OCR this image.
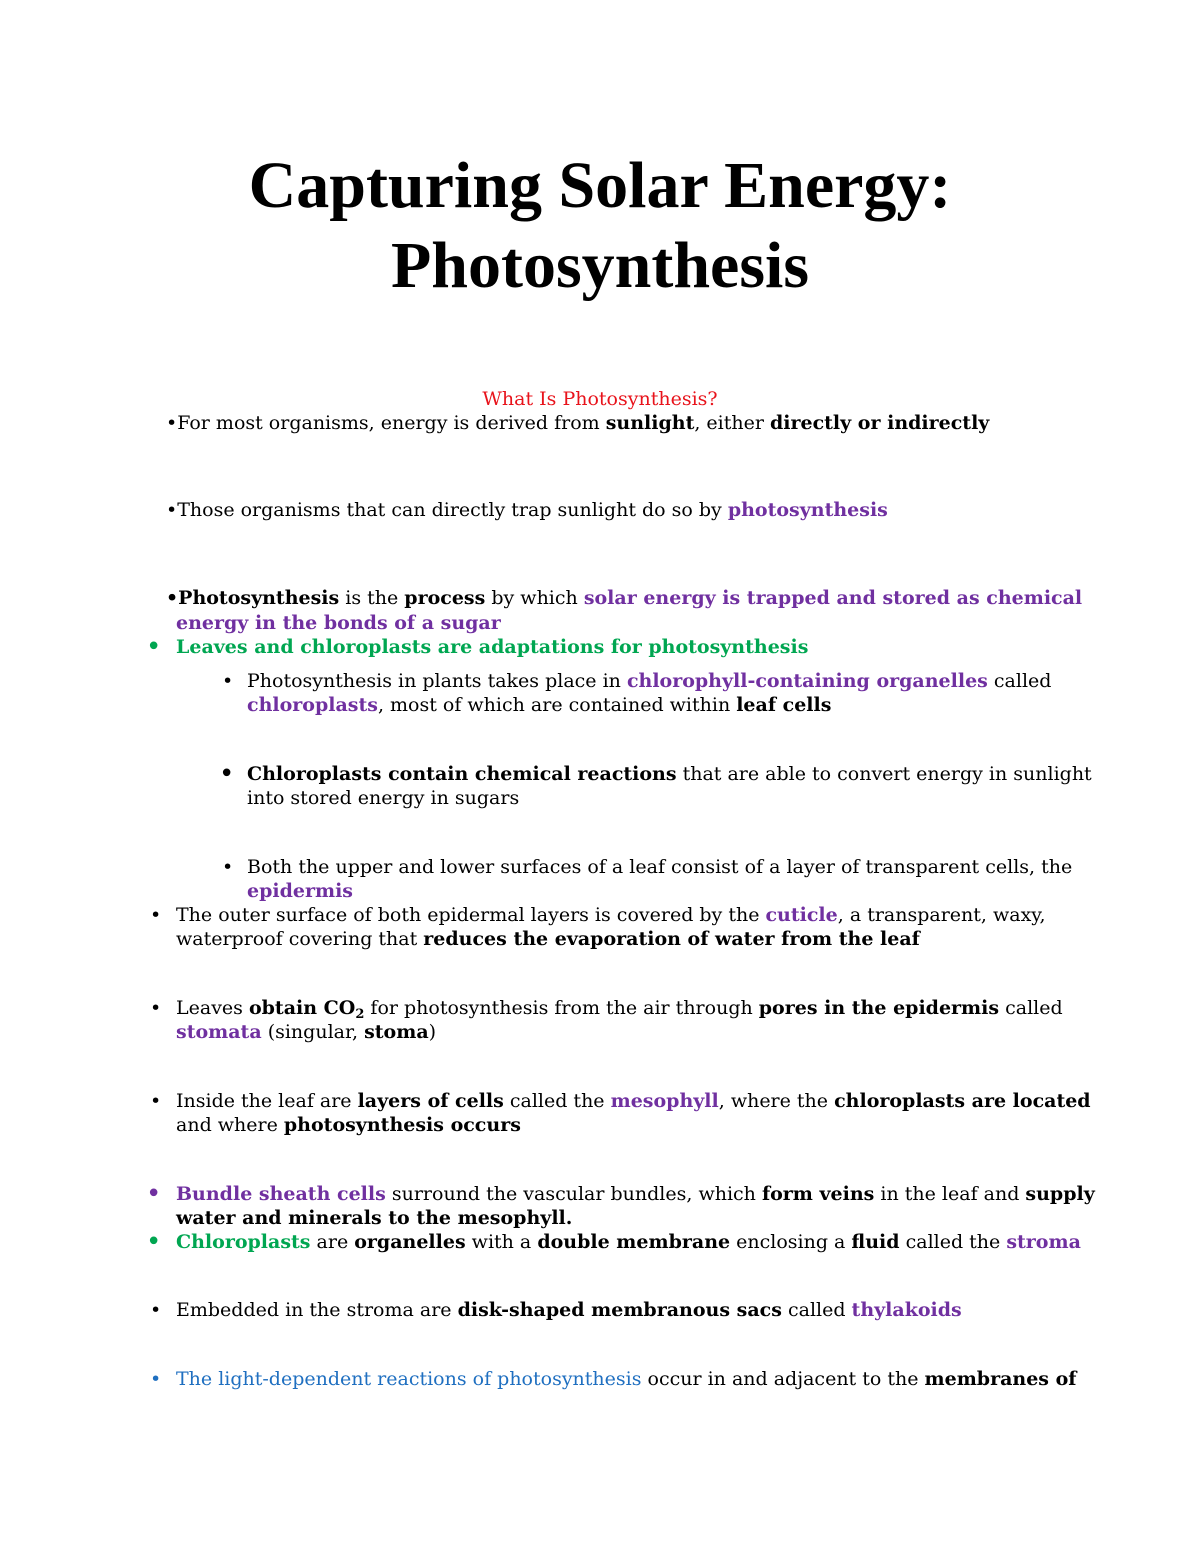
Capturing Solar Energy:
Photosynthesis
What Is Photosynthesis?
•For most organisms, energy is derived from sunlight, either directly or indirectly
•Those organisms that can directly trap sunlight do so by photosynthesis
•Photosynthesis is the process by which solar energy is trapped and stored as chemical
energy in the bonds of a sugar
• Leaves and chloroplasts are adaptations for photosynthesis
• Photosynthesis in plants takes place in chlorophyll-containing organelles called
chloroplasts, most of which are contained within leaf cells
• Chloroplasts contain chemical reactions that are able to convert energy in sunlight
into stored energy in sugars
• Both the upper and lower surfaces of a leaf consist of a layer of transparent cells, the
epidermis
• The outer surface of both epidermal layers is covered by the cuticle, a transparent, waxy,
waterproof covering that reduces the evaporation of water from the leaf
• Leaves obtain $CO_2$ for photosynthesis from the air through pores in the epidermis called
stomata (singular, stoma)
• Inside the leaf are layers of cells called the mesophyll, where the chloroplasts are located
and where photosynthesis occurs
• Bundle sheath cells surround the vascular bundles, which form veins in the leaf and supply
water and minerals to the mesophyll.
• Chloroplasts are organelles with a double membrane enclosing a fluid called the stroma
• Embedded in the stroma are disk-shaped membranous sacs called thylakoids
• The light-dependent reactions of photosynthesis occur in and adjacent to the membranes of
